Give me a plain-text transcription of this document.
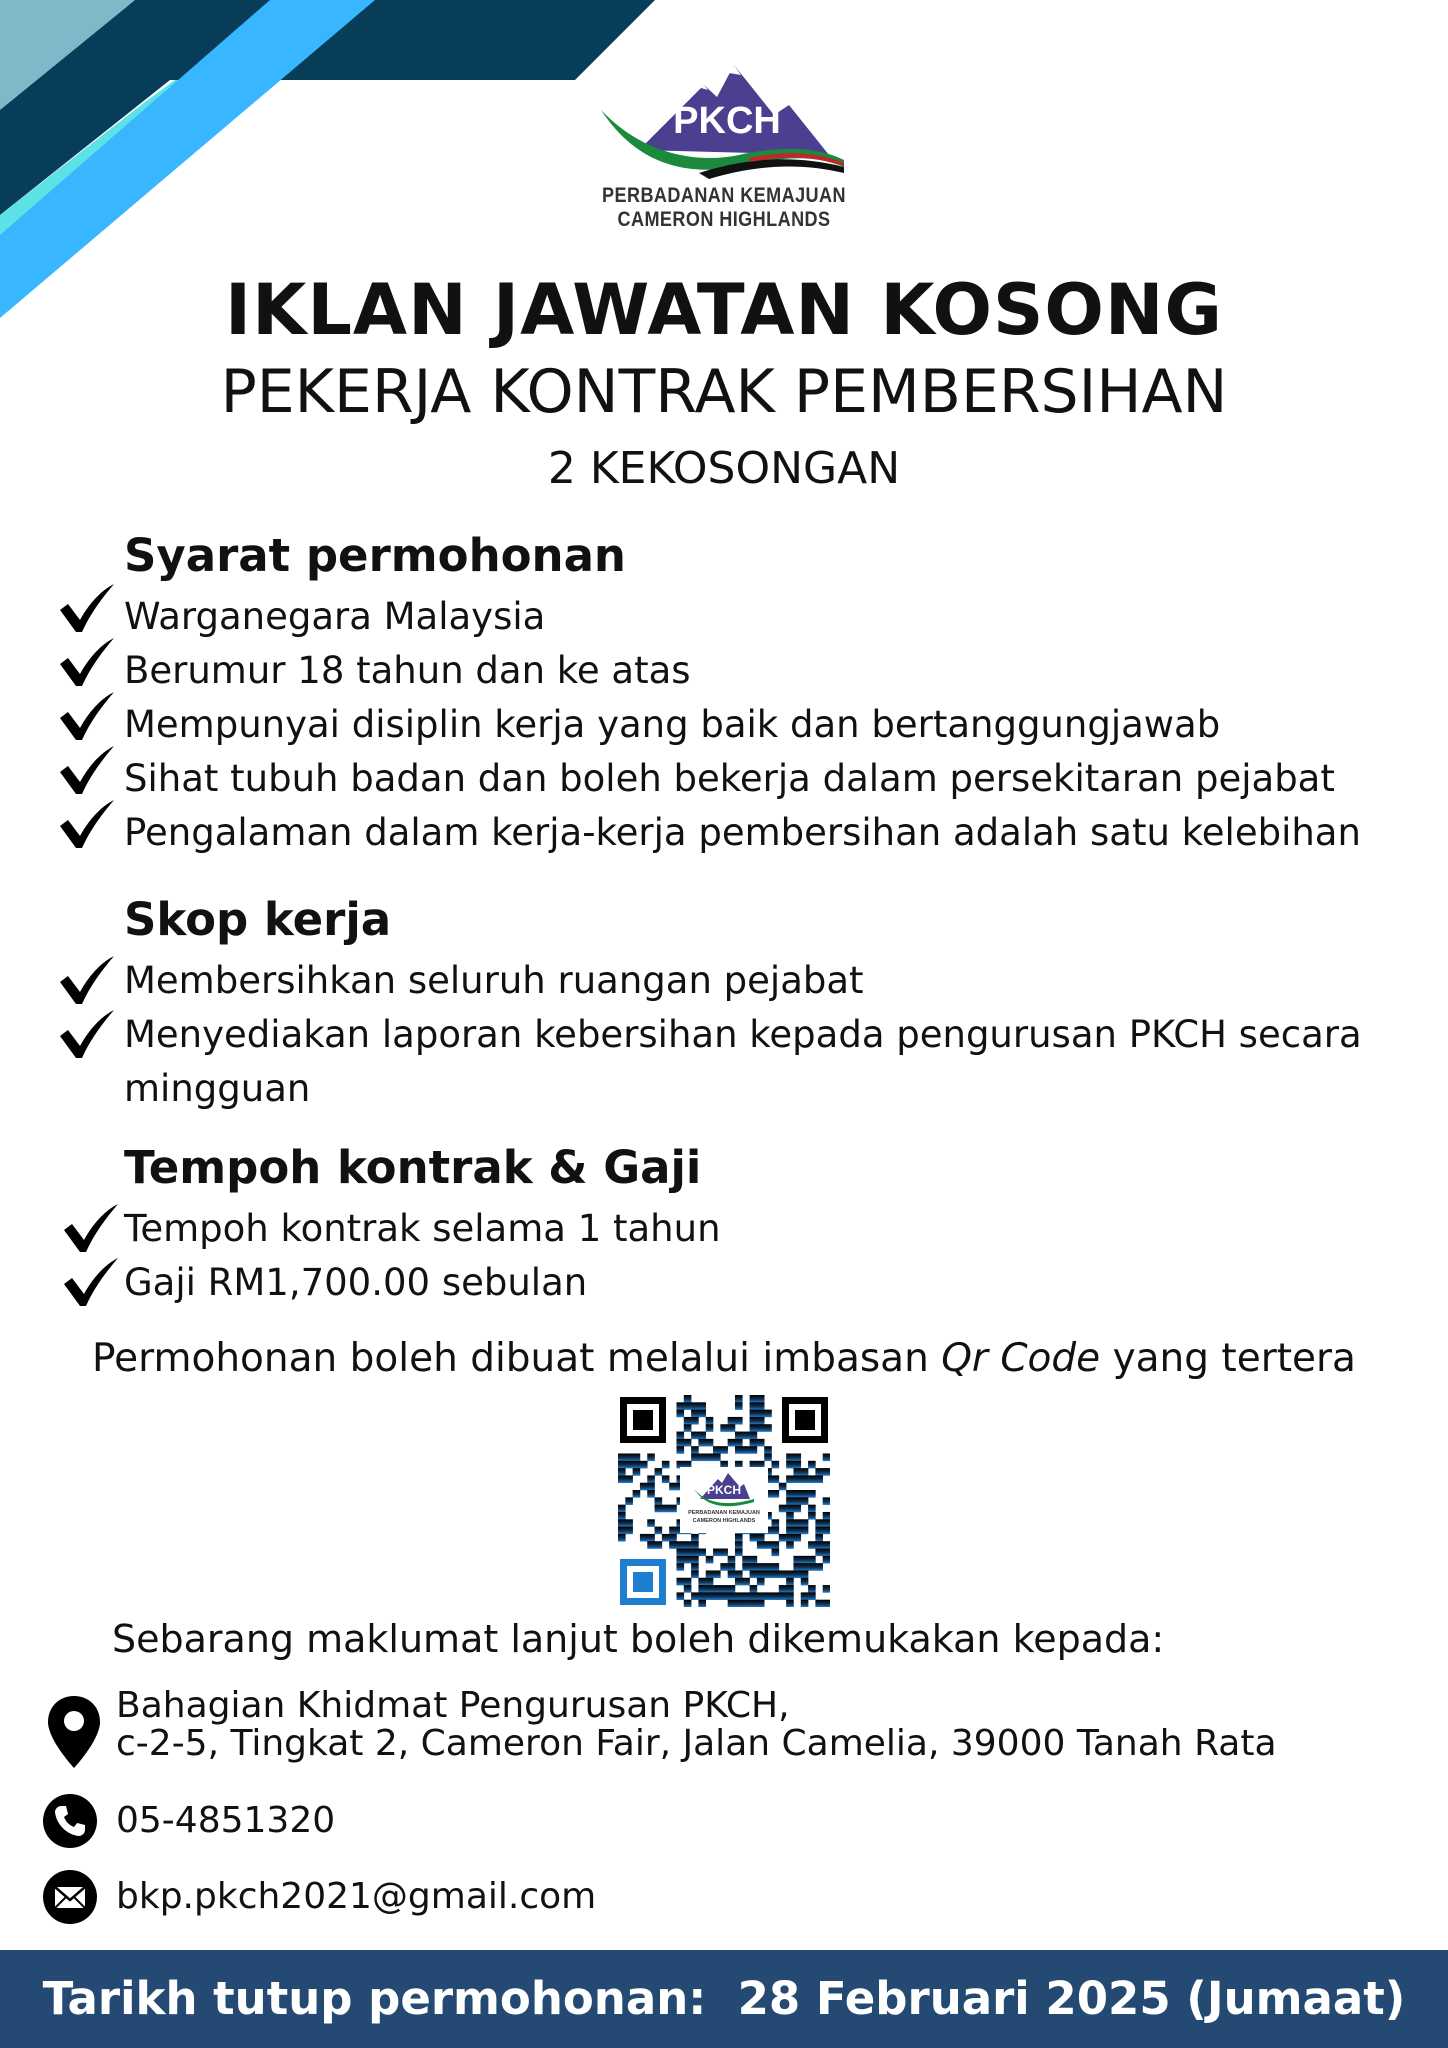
PKCH
PERBADANAN KEMAJUAN
CAMERON HIGHLANDS
IKLAN JAWATAN KOSONG
PEKERJA KONTRAK PEMBERSIHAN
2 KEKOSONGAN
Syarat permohonan
Warganegara Malaysia
Berumur 18 tahun dan ke atas
Mempunyai disiplin kerja yang baik dan bertanggungjawab
Sihat tubuh badan dan boleh bekerja dalam persekitaran pejabat
Pengalaman dalam kerja-kerja pembersihan adalah satu kelebihan
Skop kerja
Membersihkan seluruh ruangan pejabat
Menyediakan laporan kebersihan kepada pengurusan PKCH secara mingguan
Tempoh kontrak & Gaji
Tempoh kontrak selama 1 tahun
Gaji RM1,700.00 sebulan
Permohonan boleh dibuat melalui imbasan Qr Code yang tertera
PKCH
PERBADANAN KEMAJUAN
CAMERON HIGHLANDS
Sebarang maklumat lanjut boleh dikemukakan kepada:
Bahagian Khidmat Pengurusan PKCH,
c-2-5, Tingkat 2, Cameron Fair, Jalan Camelia, 39000 Tanah Rata
05-4851320
bkp.pkch2021@gmail.com
Tarikh tutup permohonan:  28 Februari 2025 (Jumaat)
